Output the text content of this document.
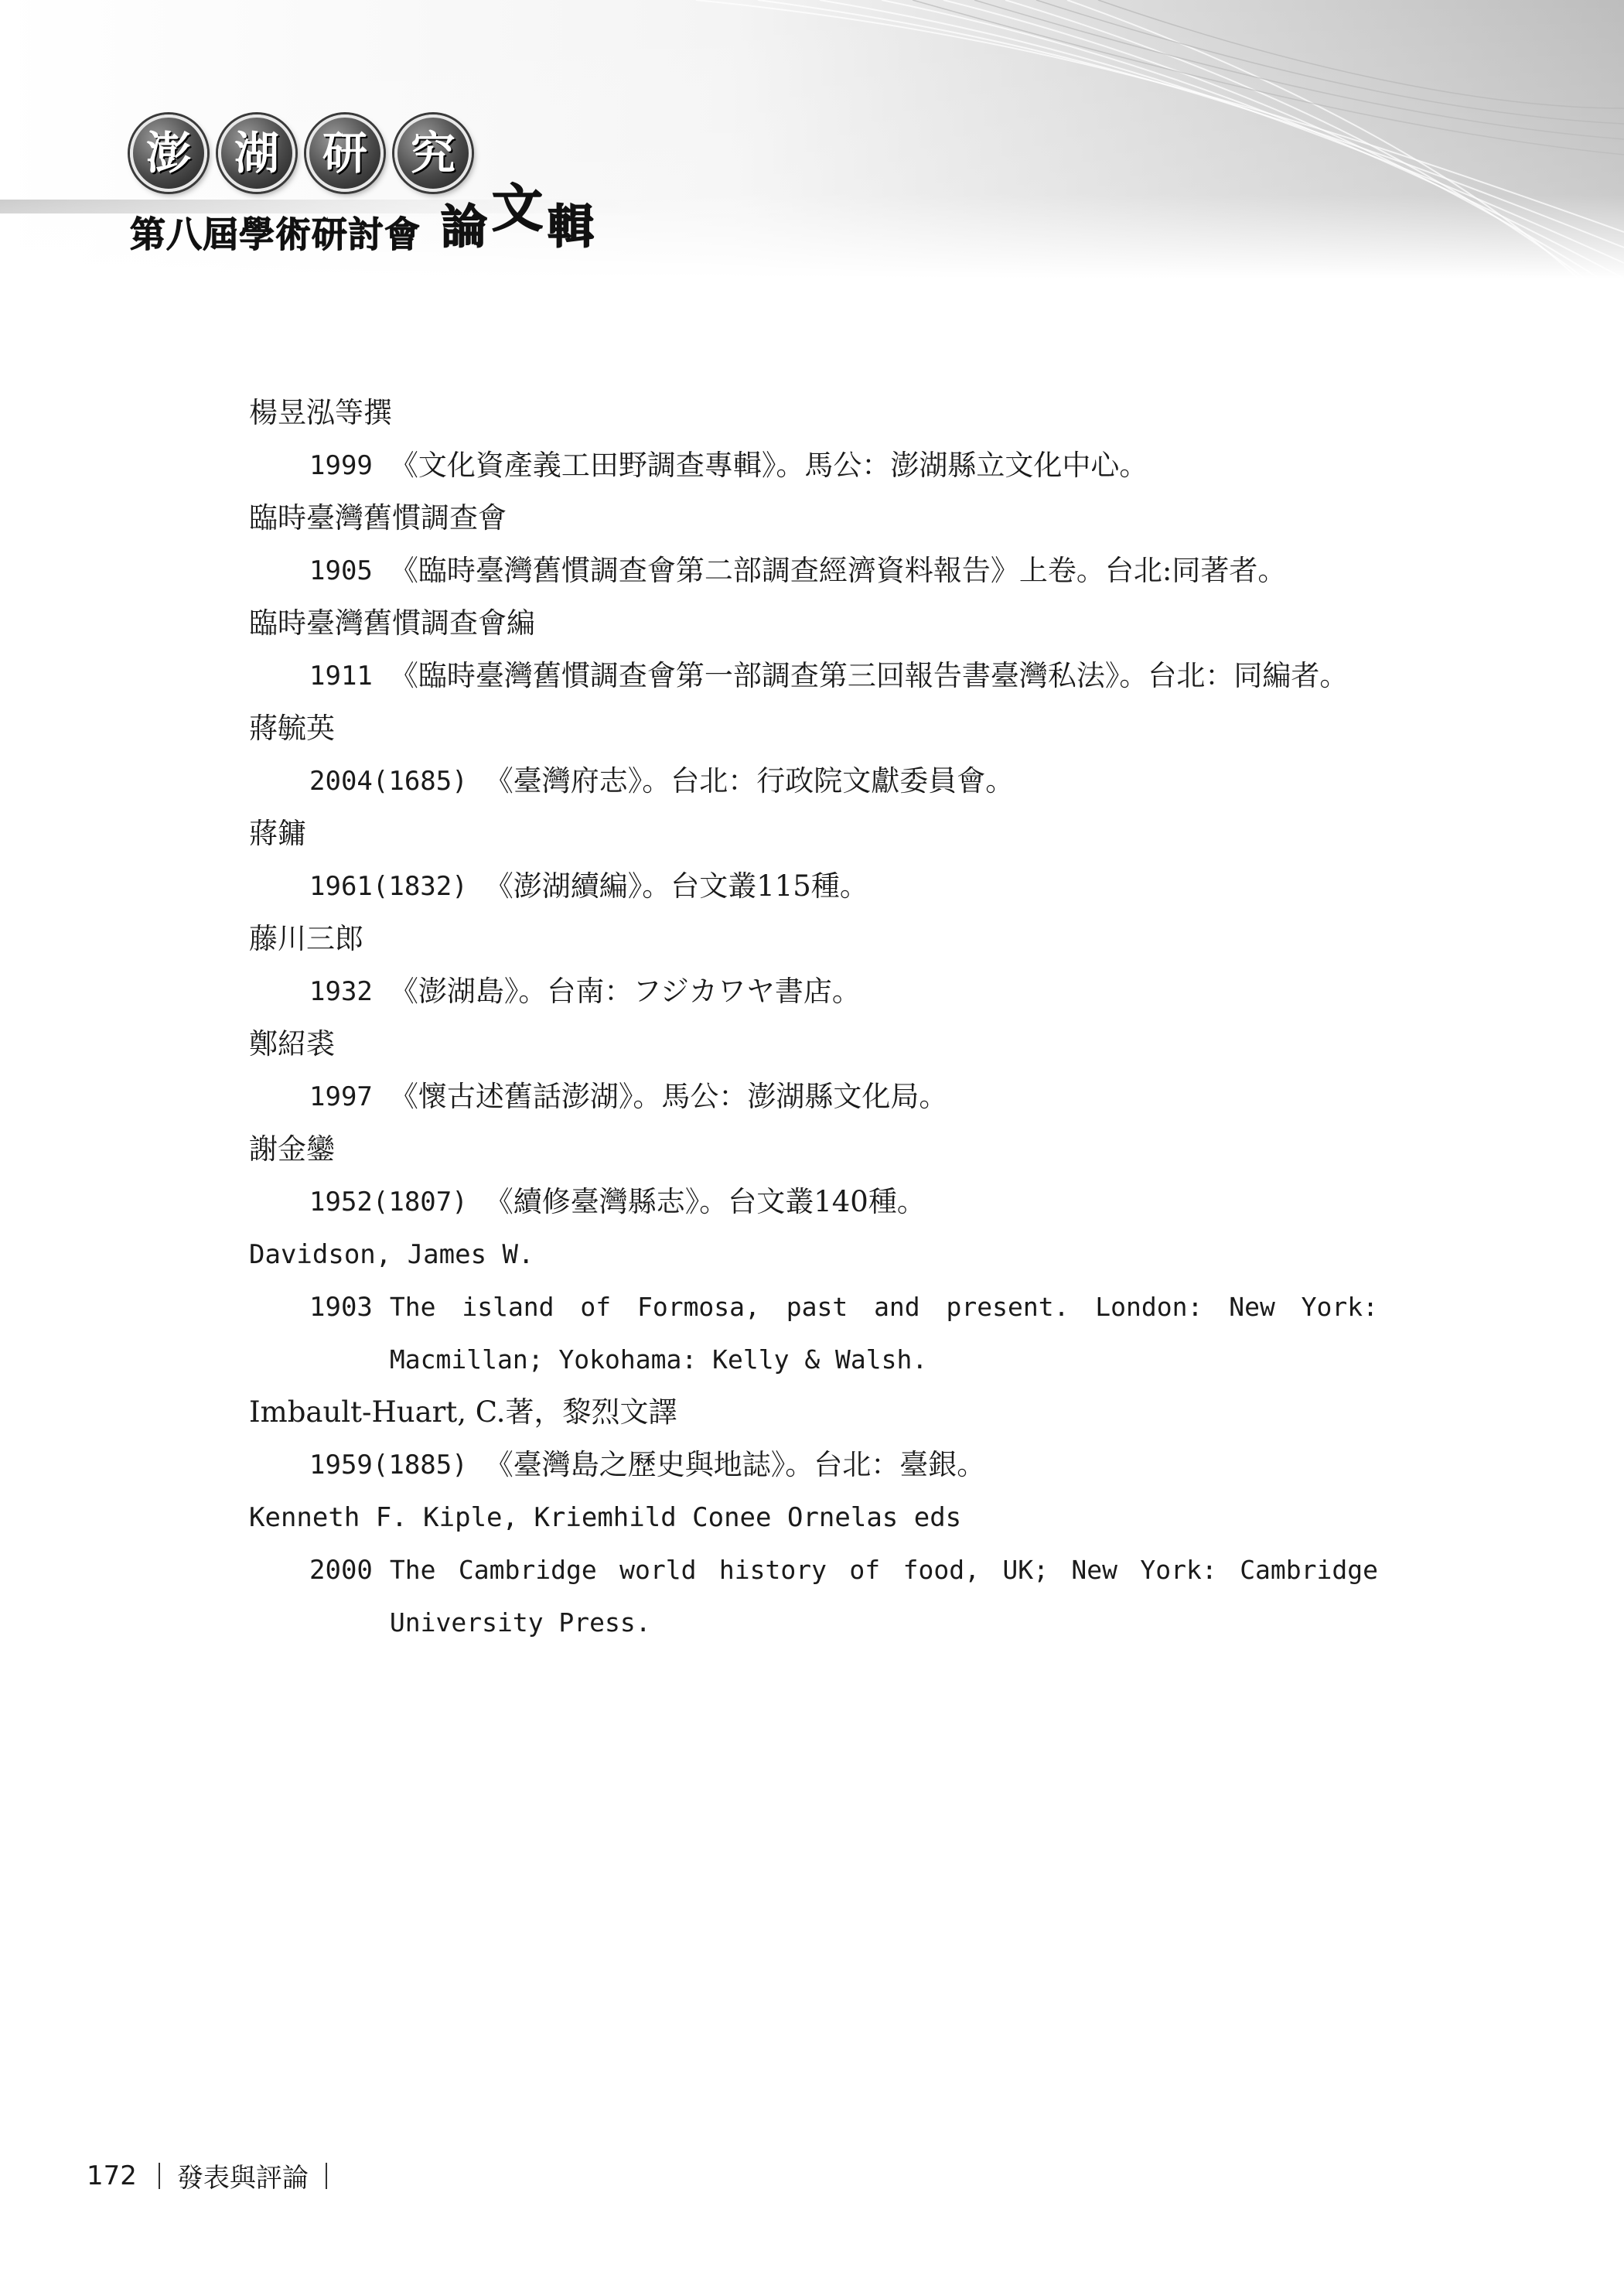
澎 湖 研 究
第八屆學術研討會 論文輯
楊昱泓等撰
1999 《文化資產義工田野調查專輯》。馬公：澎湖縣立文化中心。
臨時臺灣舊慣調查會
1905 《臨時臺灣舊慣調查會第二部調查經濟資料報告》上卷。台北:同著者。
臨時臺灣舊慣調查會編
1911 《臨時臺灣舊慣調查會第一部調查第三回報告書臺灣私法》。台北：同編者。
蔣毓英
2004(1685) 《臺灣府志》。台北：行政院文獻委員會。
蔣鏞
1961(1832) 《澎湖續編》。台文叢115種。
藤川三郎
1932 《澎湖島》。台南：フジカワヤ書店。
鄭紹裘
1997 《懷古述舊話澎湖》。馬公：澎湖縣文化局。
謝金鑾
1952(1807) 《續修臺灣縣志》。台文叢140種。
Davidson, James W.
1903 The island of Formosa, past and present. London: New York: Macmillan; Yokohama: Kelly & Walsh.
Imbault-Huart, C.著，黎烈文譯
1959(1885) 《臺灣島之歷史與地誌》。台北：臺銀。
Kenneth F. Kiple, Kriemhild Conee Ornelas eds
2000 The Cambridge world history of food, UK; New York: Cambridge University Press.
172 發表與評論
